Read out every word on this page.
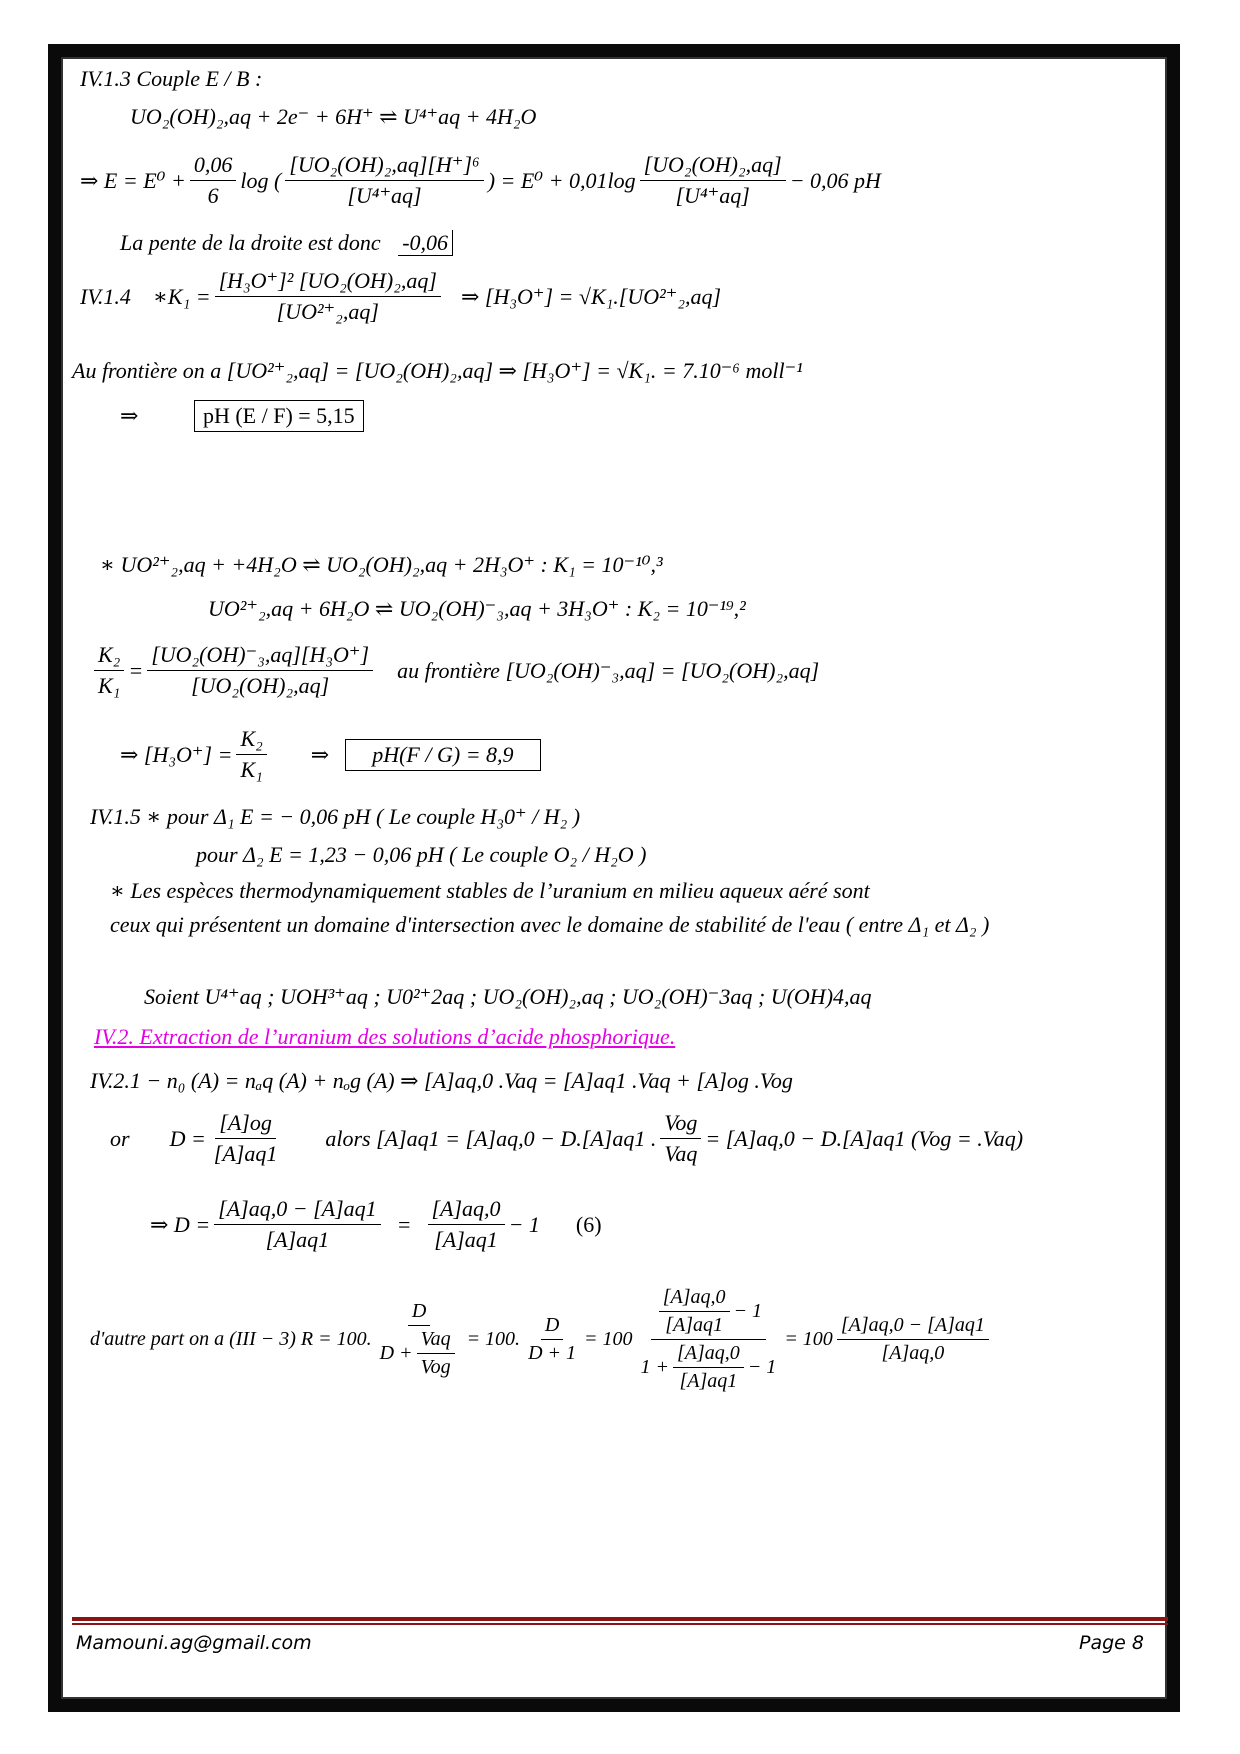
IV.1.3 Couple E / B :
UO₂(OH)₂,aq + 2e⁻ + 6H⁺ ⇌ U⁴⁺aq + 4H₂O
⇒ $E = E^0 + \frac{0,06}{6}$ log ( $\frac{\text{[UO₂(OH)₂,aq][H⁺]⁶}}{\text{[U⁴⁺aq]}}$ ) = $E^0 + 0,01\log \frac{\text{[UO₂(OH)₂,aq]}}{\text{[U⁴⁺aq]}} - 0,06$ pH
La pente de la droite est donc -0,06
IV.1.4 ∗K₁ = $\frac{\text{[H₃O⁺]² [UO₂(OH)₂,aq]}}{\text{[UO²⁺₂,aq]}}$ ⇒ [H₃O⁺] = √K₁.[UO²⁺₂,aq]
Au frontière on a [UO²⁺₂,aq] = [UO₂(OH)₂,aq] ⇒ [H₃O⁺] = √K₁. = 7.10⁻⁶ moll⁻¹
⇒	pH (E / F) = 5,15
∗ UO²⁺₂,aq + +4H₂O ⇌ UO₂(OH)₂,aq + 2H₃O⁺ : K₁ = 10⁻¹⁰,³
UO²⁺₂,aq + 6H₂O ⇌ UO₂(OH)⁻₃,aq + 3H₃O⁺ : K₂ = 10⁻¹⁹,²
$\frac{\text{K₂}}{\text{K₁}} = \frac{\text{[UO₂(OH)⁻₃,aq][H₃O⁺]}}{\text{[UO₂(OH)₂,aq]}}$ au frontière [UO₂(OH)⁻₃,aq] = [UO₂(OH)₂,aq]
⇒ $[H_3O^+] = \frac{\text{K₂}}{\text{K₁}}$ ⇒	pH(F / G) = 8,9
IV.1.5 ∗ pour Δ₁ E = − 0,06 pH ( Le couple H₃0⁺ / H₂ )
pour Δ₂ E = 1,23 − 0,06 pH ( Le couple O₂ / H₂O )
∗ Les espèces thermodynamiquement stables de l’uranium en milieu aqueux aéré sont
ceux qui présentent un domaine d'intersection avec le domaine de stabilité de l'eau ( entre Δ₁ et Δ₂ )
Soient U⁴⁺aq ; UOH³⁺aq ; U0²⁺2aq ; UO₂(OH)₂,aq ; UO₂(OH)⁻3aq ; U(OH)4,aq
IV.2. Extraction de l’uranium des solutions d’acide phosphorique.
IV.2.1 − n₀ (A) = nₐq (A) + nₒg (A) ⇒ [A]aq,0 .Vaq = [A]aq1 .Vaq + [A]og .Vog
or $D = \frac{[A]og}{[A]aq1}$ alors [A]aq1 = [A]aq,0 − D.[A]aq1 . $\frac{\text{Vog}}{\text{Vaq}} = [A]aq,0 - D.[A]aq1$ (Vog = .Vaq)
⇒ $D = \frac{[A]aq,0 - [A]aq1}{[A]aq1} = \frac{[A]aq,0}{[A]aq1} - 1$ (6)
d'autre part on a (III − 3) R = 100. $\frac{D}{D + \frac{\text{Vaq}}{\text{Vog}}} = 100$. $\frac{D}{D + 1} = 100$
$\frac{[A]aq,0}{[A]aq1} - 1$
$1 + \frac{[A]aq,0}{[A]aq1} - 1$
= $100 \frac{[A]aq,0 - [A]aq1}{[A]aq,0}$
Mamouni.ag@gmail.com	Page 8
